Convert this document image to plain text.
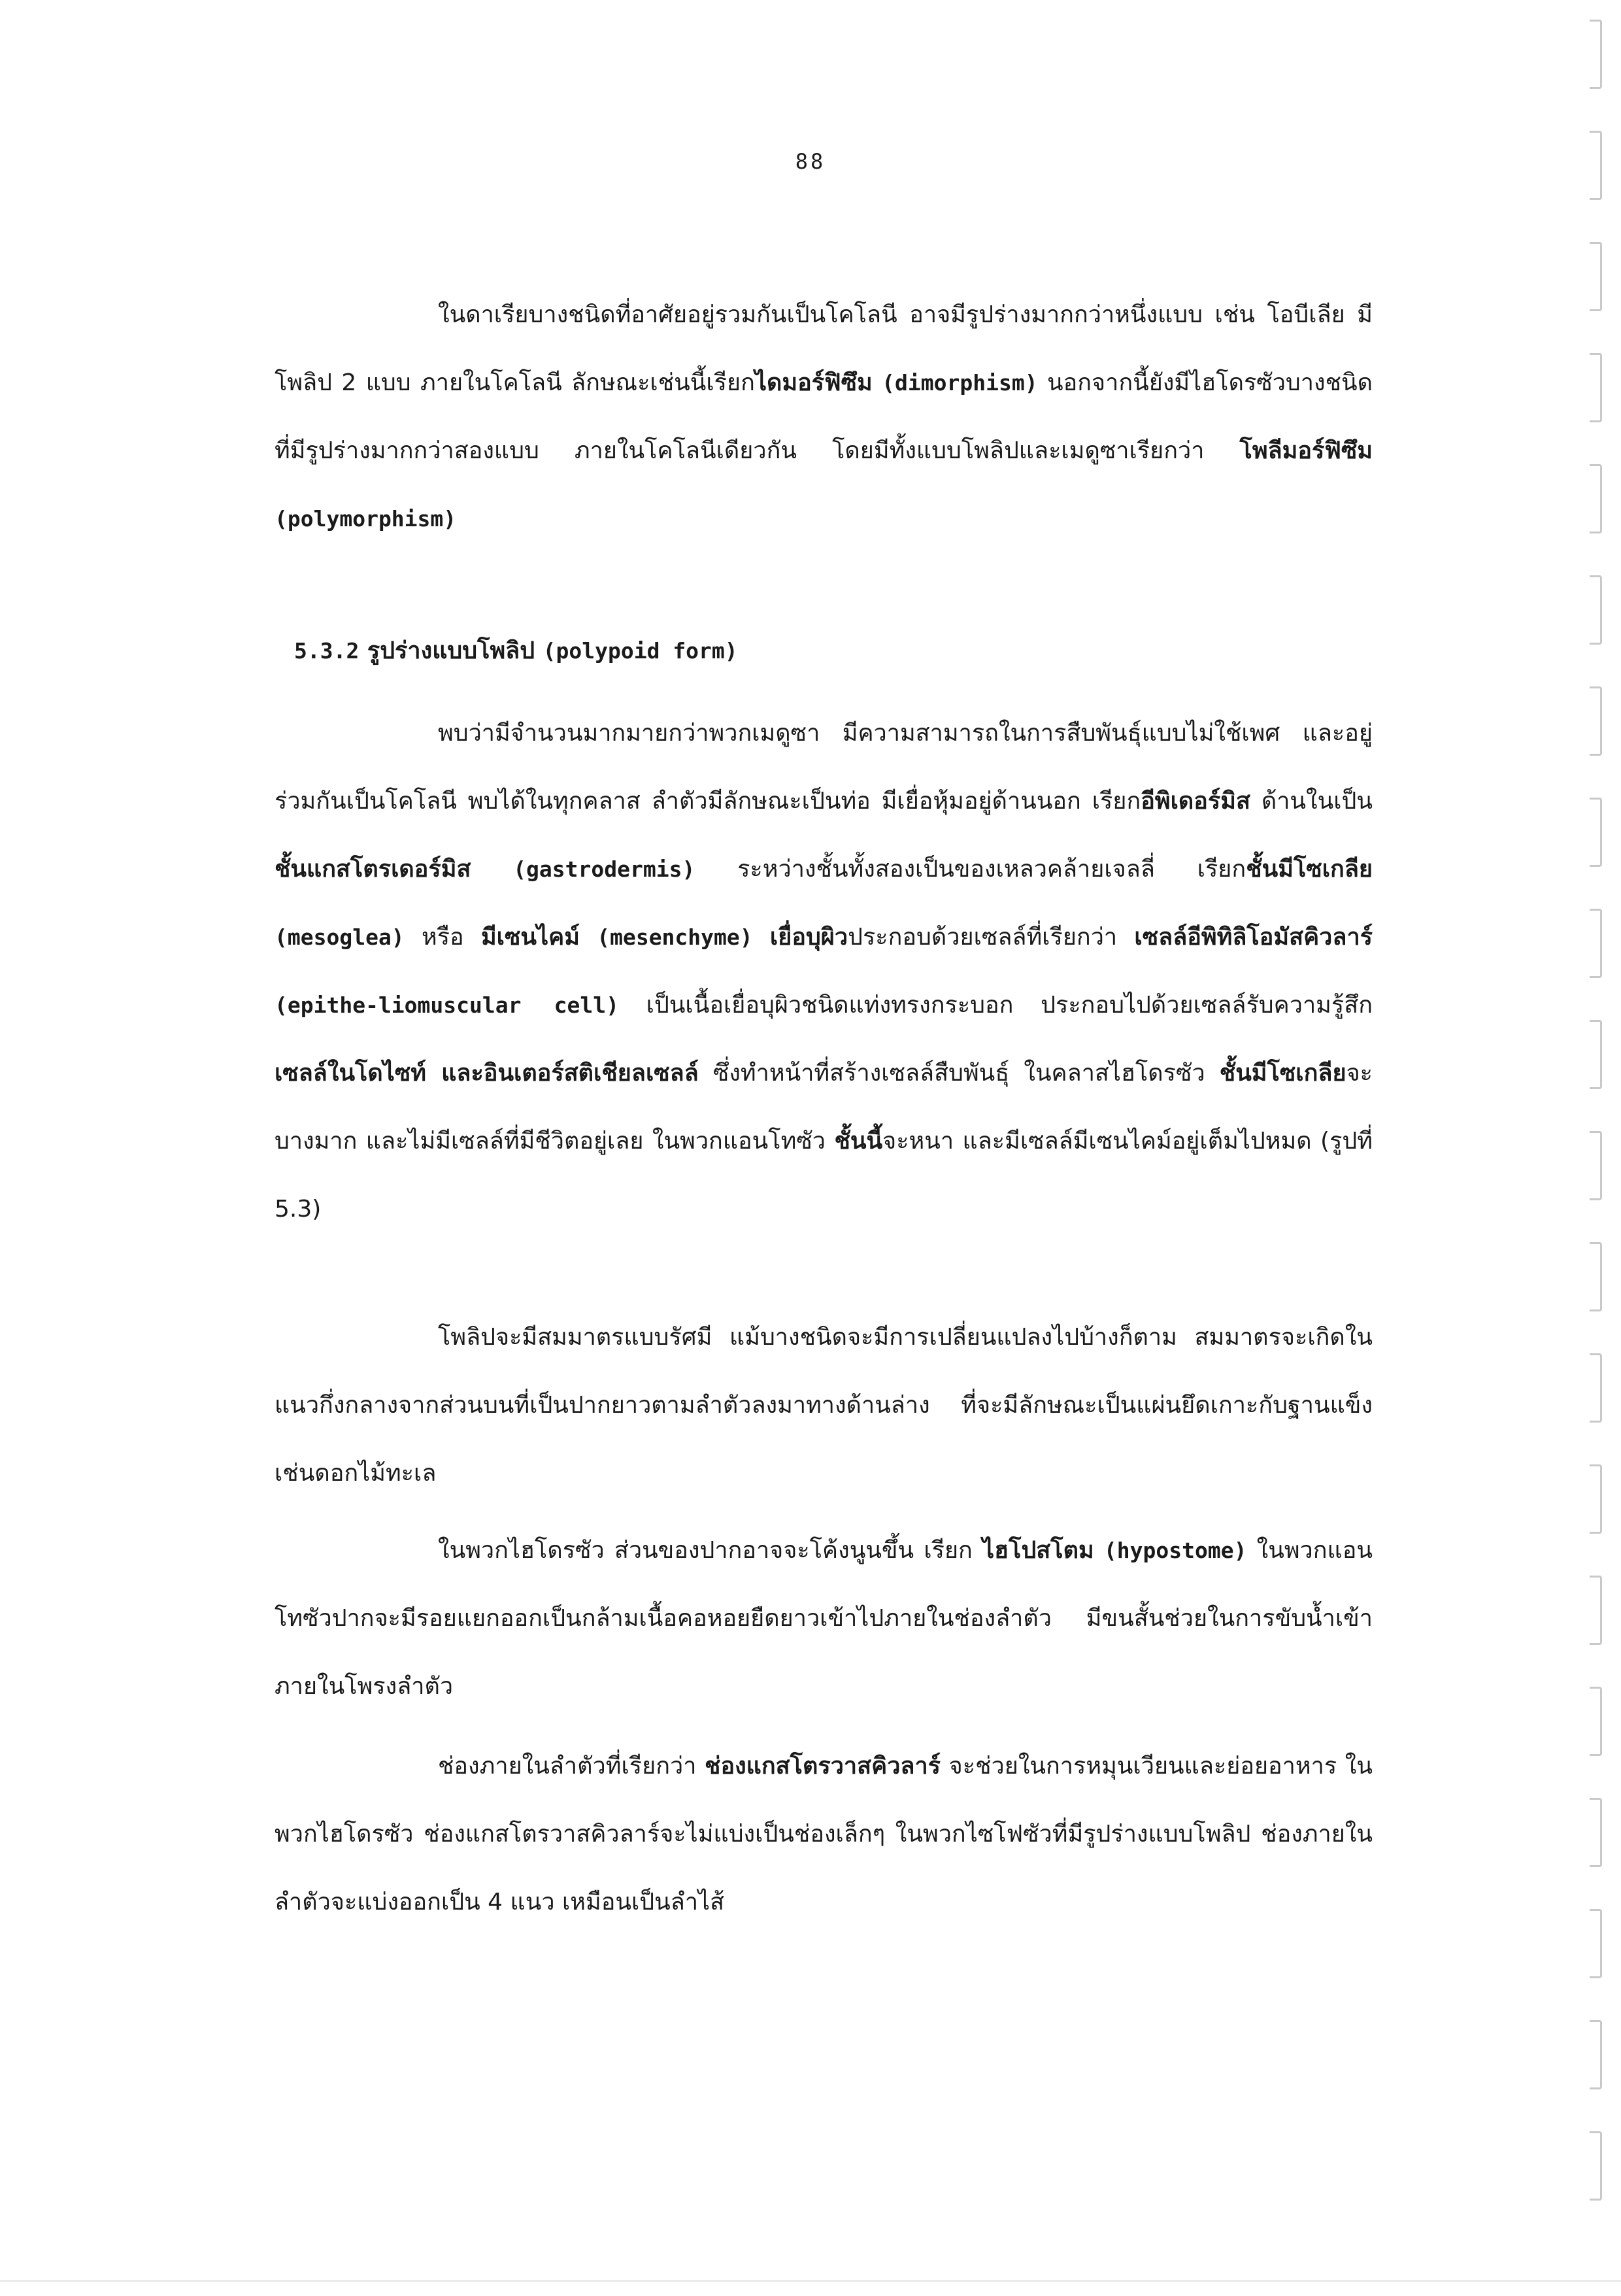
88

ในดาเรียบางชนิดที่อาศัยอยู่รวมกันเป็นโคโลนี อาจมีรูปร่างมากกว่าหนึ่งแบบ เช่น โอบีเลีย มีโพลิป 2 แบบ ภายในโคโลนี ลักษณะเช่นนี้เรียกไดมอร์ฟิซึม (dimorphism) นอกจากนี้ยังมีไฮโดรซัวบางชนิดที่มีรูปร่างมากกว่าสองแบบ ภายในโคโลนีเดียวกัน โดยมีทั้งแบบโพลิปและเมดูซาเรียกว่า โพลีมอร์ฟิซึม (polymorphism)

5.3.2 รูปร่างแบบโพลิป (polypoid form)

พบว่ามีจำนวนมากมายกว่าพวกเมดูซา มีความสามารถในการสืบพันธุ์แบบไม่ใช้เพศ และอยู่ร่วมกันเป็นโคโลนี พบได้ในทุกคลาส ลำตัวมีลักษณะเป็นท่อ มีเยื่อหุ้มอยู่ด้านนอก เรียกอีพิเดอร์มิส ด้านในเป็นชั้นแกสโตรเดอร์มิส (gastrodermis) ระหว่างชั้นทั้งสองเป็นของเหลวคล้ายเจลลี่ เรียกชั้นมีโซเกลีย (mesoglea) หรือ มีเซนไคม์ (mesenchyme) เยื่อบุผิวประกอบด้วยเซลล์ที่เรียกว่า เซลล์อีพิทิลิโอมัสคิวลาร์ (epithe-liomuscular cell) เป็นเนื้อเยื่อบุผิวชนิดแท่งทรงกระบอก ประกอบไปด้วยเซลล์รับความรู้สึก เซลล์ในโดไซท์ และอินเตอร์สติเชียลเซลล์ ซึ่งทำหน้าที่สร้างเซลล์สืบพันธุ์ ในคลาสไฮโดรซัว ชั้นมีโซเกลียจะบางมาก และไม่มีเซลล์ที่มีชีวิตอยู่เลย ในพวกแอนโทซัว ชั้นนี้จะหนา และมีเซลล์มีเซนไคม์อยู่เต็มไปหมด (รูปที่ 5.3)

โพลิปจะมีสมมาตรแบบรัศมี แม้บางชนิดจะมีการเปลี่ยนแปลงไปบ้างก็ตาม สมมาตรจะเกิดในแนวกึ่งกลางจากส่วนบนที่เป็นปากยาวตามลำตัวลงมาทางด้านล่าง ที่จะมีลักษณะเป็นแผ่นยึดเกาะกับฐานแข็ง เช่นดอกไม้ทะเล

ในพวกไฮโดรซัว ส่วนของปากอาจจะโค้งนูนขึ้น เรียก ไฮโปสโตม (hypostome) ในพวกแอนโทซัวปากจะมีรอยแยกออกเป็นกล้ามเนื้อคอหอยยืดยาวเข้าไปภายในช่องลำตัว มีขนสั้นช่วยในการขับน้ำเข้าภายในโพรงลำตัว

ช่องภายในลำตัวที่เรียกว่า ช่องแกสโตรวาสคิวลาร์ จะช่วยในการหมุนเวียนและย่อยอาหาร ในพวกไฮโดรซัว ช่องแกสโตรวาสคิวลาร์จะไม่แบ่งเป็นช่องเล็กๆ ในพวกไซโฟซัวที่มีรูปร่างแบบโพลิป ช่องภายในลำตัวจะแบ่งออกเป็น 4 แนว เหมือนเป็นลำไส้
